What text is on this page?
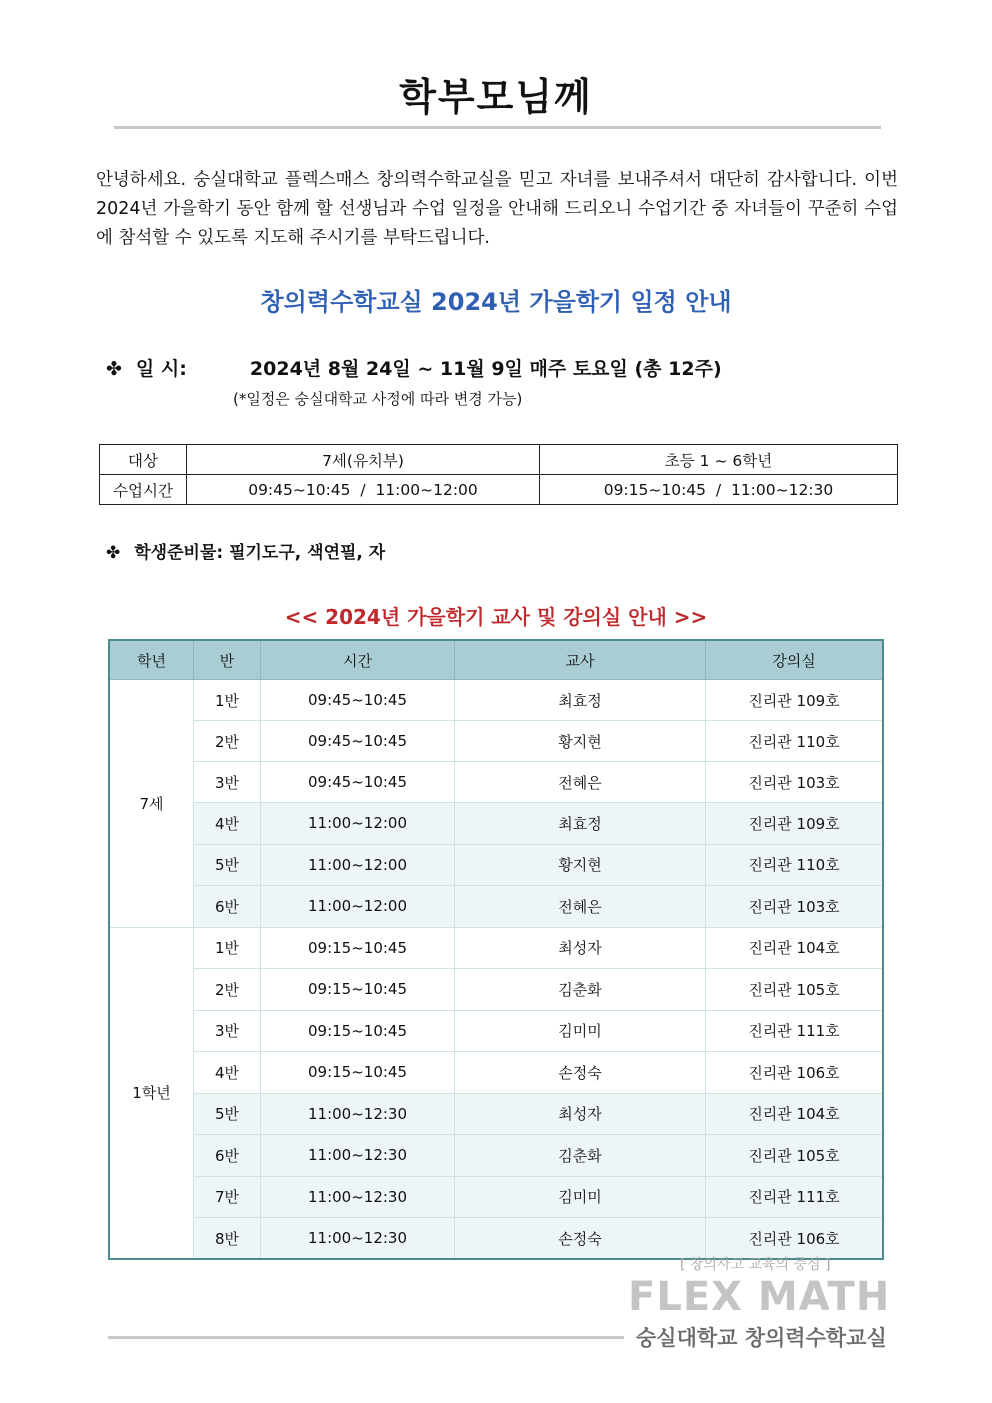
학부모님께
안녕하세요. 숭실대학교 플렉스매스 창의력수학교실을 믿고 자녀를 보내주셔서 대단히 감사합니다. 이번 2024년 가을학기 동안 함께 할 선생님과 수업 일정을 안내해 드리오니 수업기간 중 자녀들이 꾸준히 수업에 참석할 수 있도록 지도해 주시기를 부탁드립니다.
창의력수학교실 2024년 가을학기 일정 안내
✤ 일 시:	2024년 8월 24일 ~ 11월 9일 매주 토요일 (총 12주)
(*일정은 숭실대학교 사정에 따라 변경 가능)
대상	7세(유치부)	초등 1 ~ 6학년
수업시간	09:45~10:45  /  11:00~12:00	09:15~10:45  /  11:00~12:30
✤ 학생준비물: 필기도구, 색연필, 자
<< 2024년 가을학기 교사 및 강의실 안내 >>
학년	반	시간	교사	강의실
7세	1반	09:45~10:45	최효정	진리관 109호
	2반	09:45~10:45	황지현	진리관 110호
	3반	09:45~10:45	전혜은	진리관 103호
	4반	11:00~12:00	최효정	진리관 109호
	5반	11:00~12:00	황지현	진리관 110호
	6반	11:00~12:00	전혜은	진리관 103호
1학년	1반	09:15~10:45	최성자	진리관 104호
	2반	09:15~10:45	김춘화	진리관 105호
	3반	09:15~10:45	김미미	진리관 111호
	4반	09:15~10:45	손정숙	진리관 106호
	5반	11:00~12:30	최성자	진리관 104호
	6반	11:00~12:30	김춘화	진리관 105호
	7반	11:00~12:30	김미미	진리관 111호
	8반	11:00~12:30	손정숙	진리관 106호
[ 창의사고 교육의 중심 ]
FLEX MATH
숭실대학교 창의력수학교실
